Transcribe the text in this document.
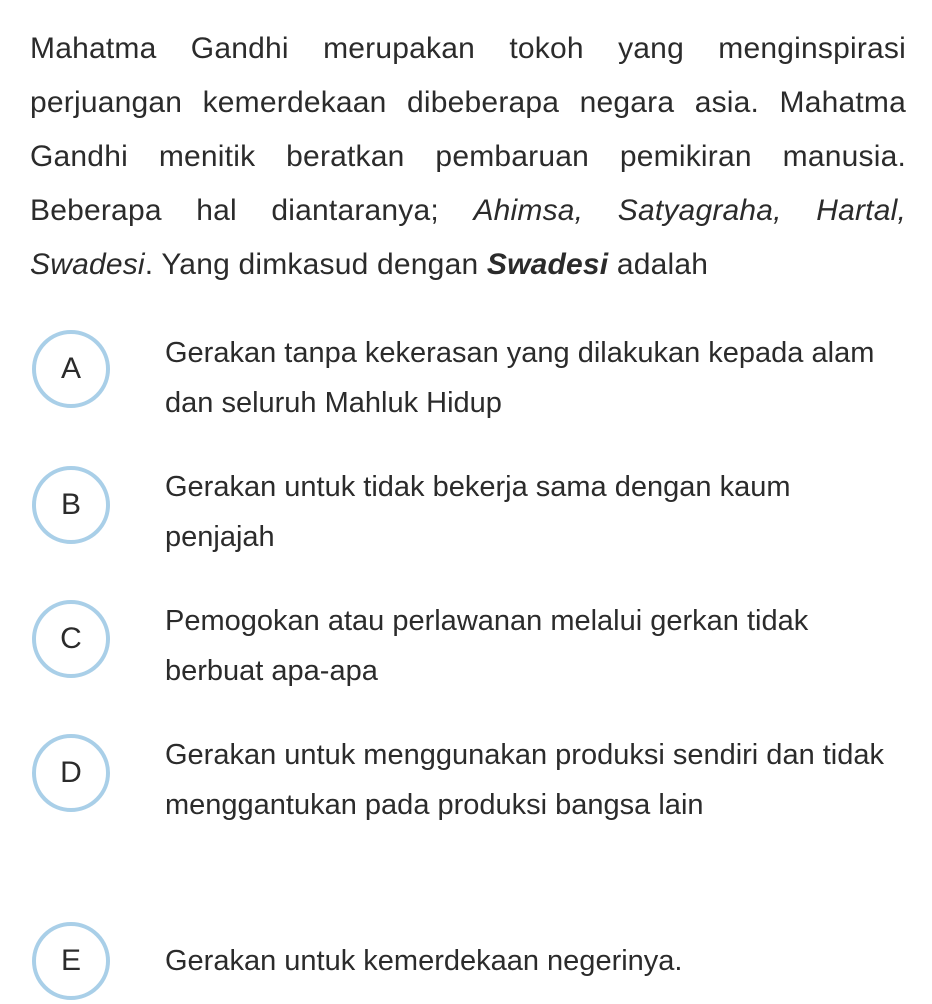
Mahatma Gandhi merupakan tokoh yang menginspirasi perjuangan kemerdekaan dibeberapa negara asia. Mahatma Gandhi menitik beratkan pembaruan pemikiran manusia. Beberapa hal diantaranya; Ahimsa, Satyagraha, Hartal, Swadesi. Yang dimkasud dengan Swadesi adalah
A	Gerakan tanpa kekerasan yang dilakukan kepada alam dan seluruh Mahluk Hidup
B
Gerakan untuk tidak bekerja sama dengan kaum penjajah
C
Pemogokan atau perlawanan melalui gerkan tidak berbuat apa-apa
D
Gerakan untuk menggunakan produksi sendiri dan tidak menggantukan pada produksi bangsa lain
E	Gerakan untuk kemerdekaan negerinya.
